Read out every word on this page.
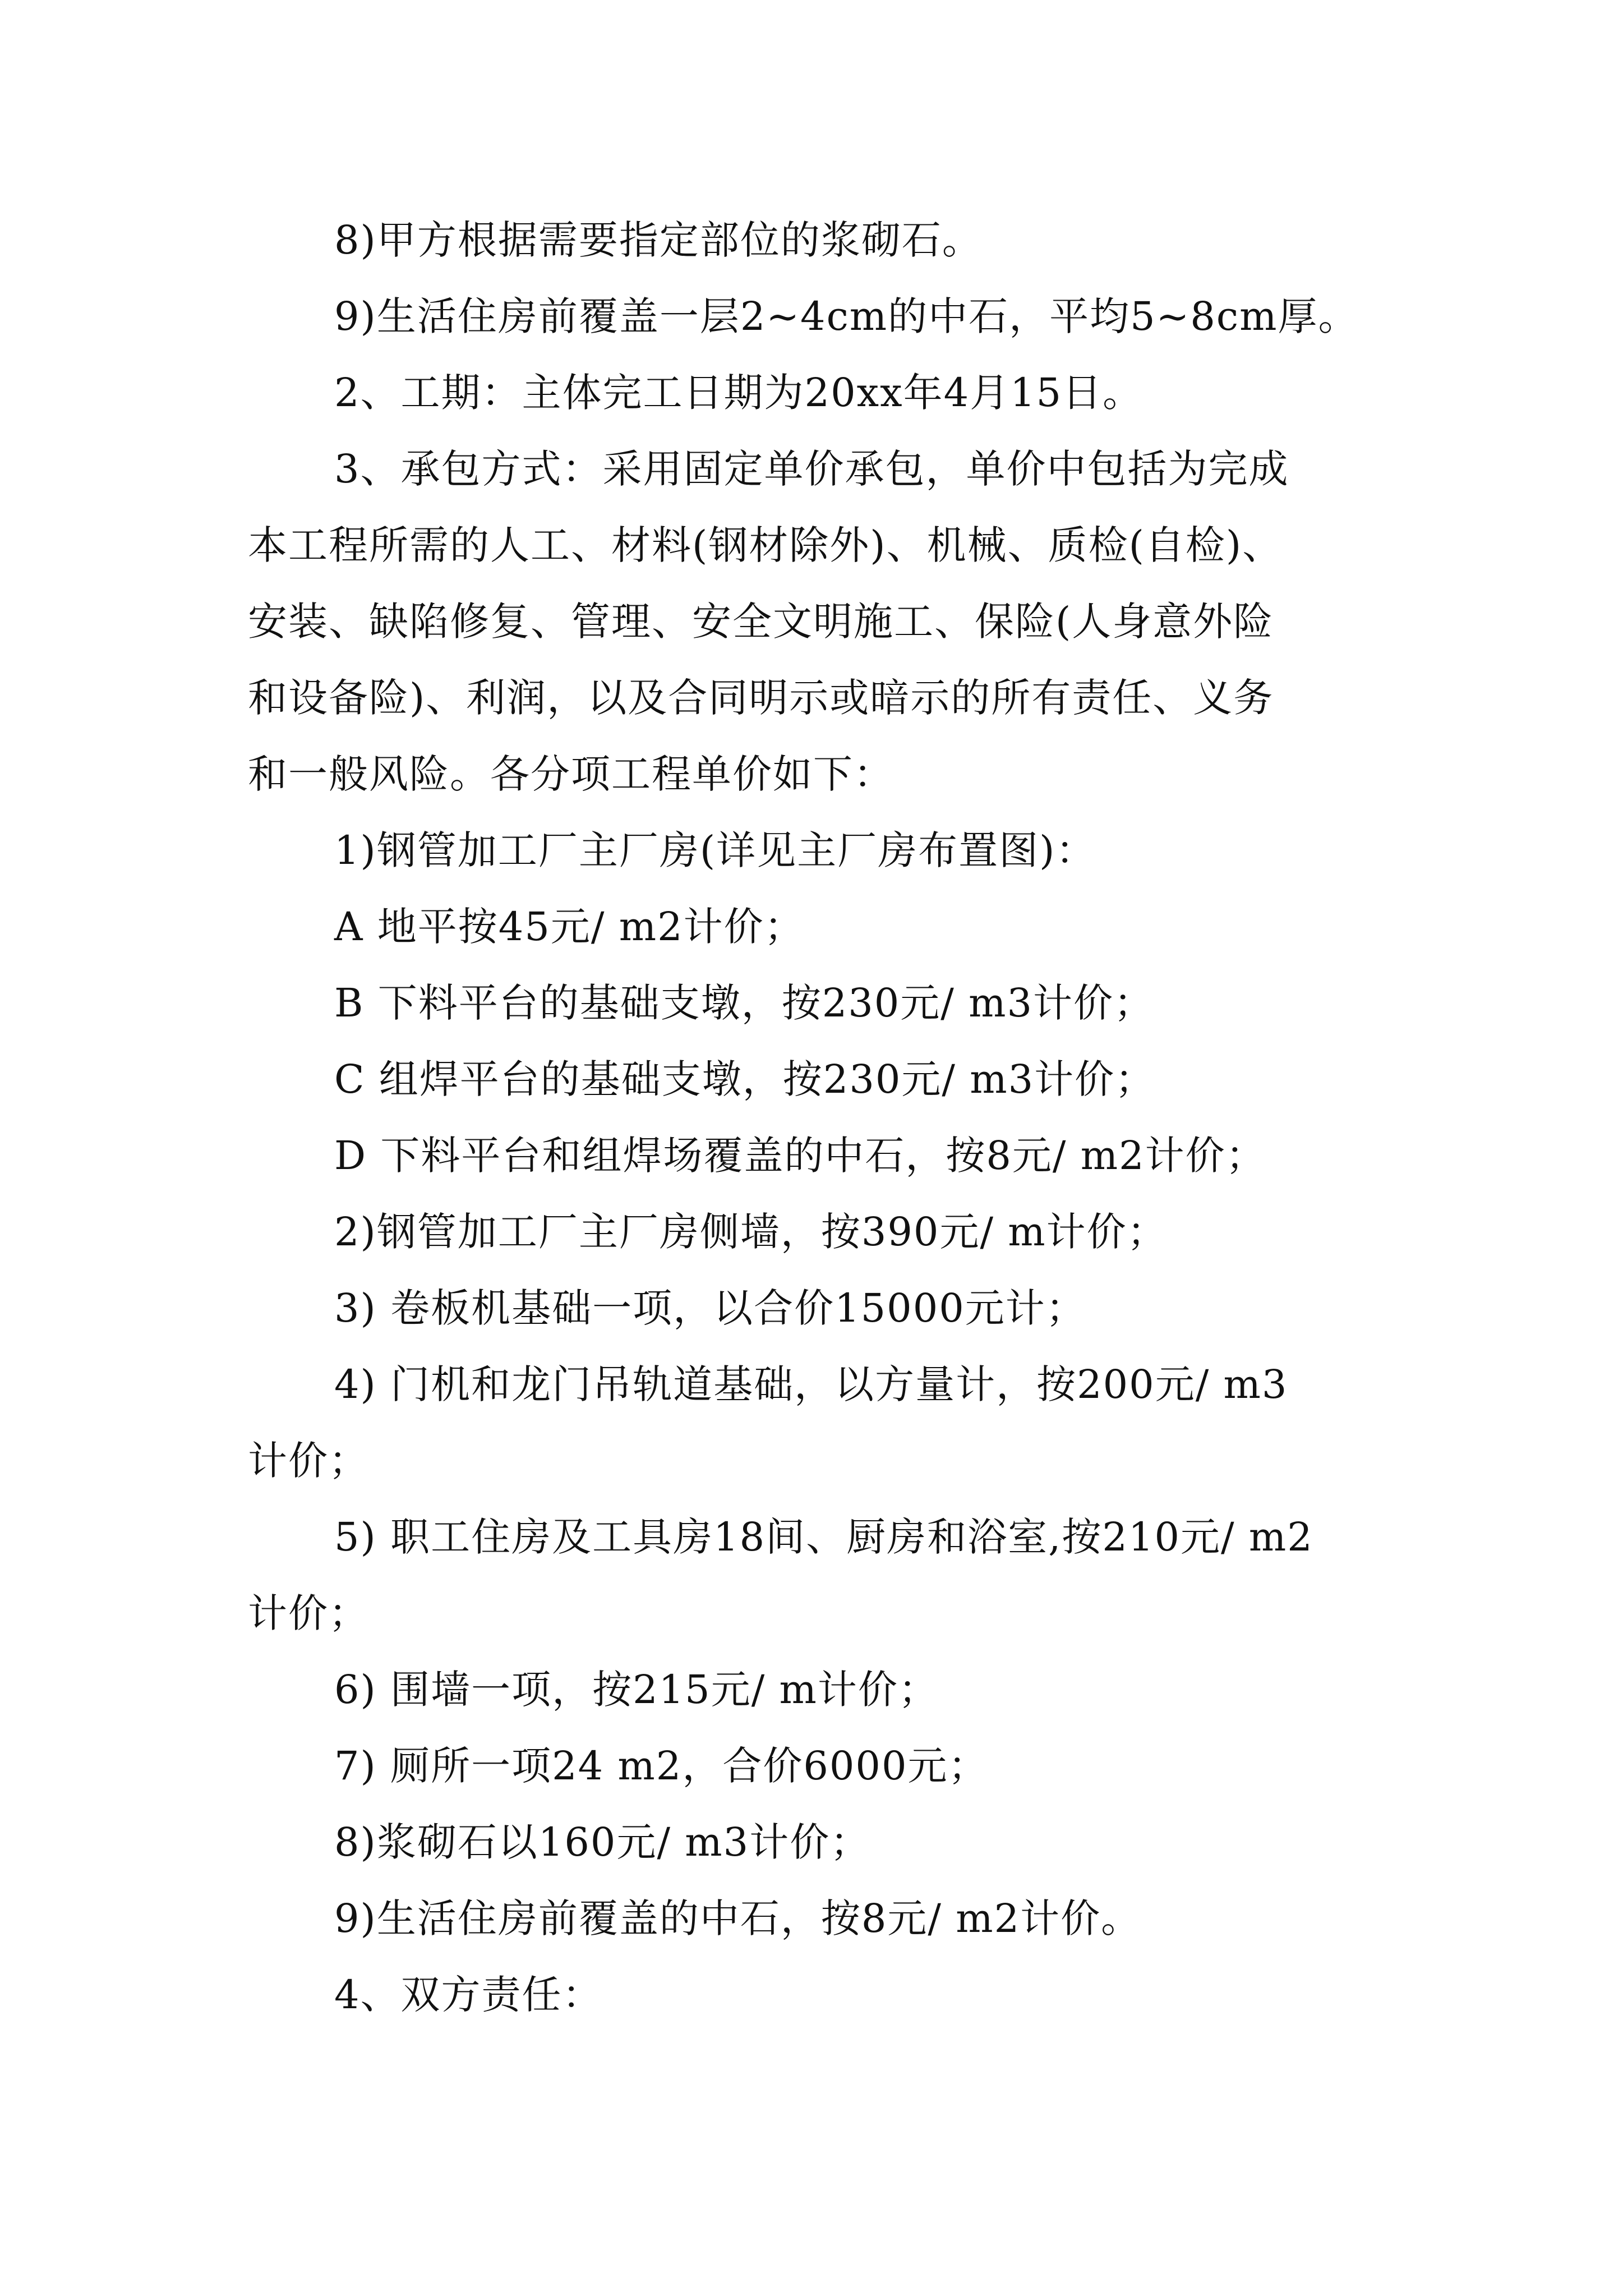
8)甲方根据需要指定部位的浆砌石。
9)生活住房前覆盖一层2~4cm的中石，平均5~8cm厚。
2、工期：主体完工日期为20xx年4月15日。
3、承包方式：采用固定单价承包，单价中包括为完成
本工程所需的人工、材料(钢材除外)、机械、质检(自检)、
安装、缺陷修复、管理、安全文明施工、保险(人身意外险
和设备险)、利润，以及合同明示或暗示的所有责任、义务
和一般风险。各分项工程单价如下：
1)钢管加工厂主厂房(详见主厂房布置图)：
A 地平按45元/ m2计价；
B 下料平台的基础支墩，按230元/ m3计价；
C 组焊平台的基础支墩，按230元/ m3计价；
D 下料平台和组焊场覆盖的中石，按8元/ m2计价；
2)钢管加工厂主厂房侧墙，按390元/ m计价；
3) 卷板机基础一项，以合价15000元计；
4) 门机和龙门吊轨道基础，以方量计，按200元/ m3
计价；
5) 职工住房及工具房18间、厨房和浴室,按210元/ m2
计价；
6) 围墙一项，按215元/ m计价；
7) 厕所一项24 m2，合价6000元；
8)浆砌石以160元/ m3计价；
9)生活住房前覆盖的中石，按8元/ m2计价。
4、双方责任：
